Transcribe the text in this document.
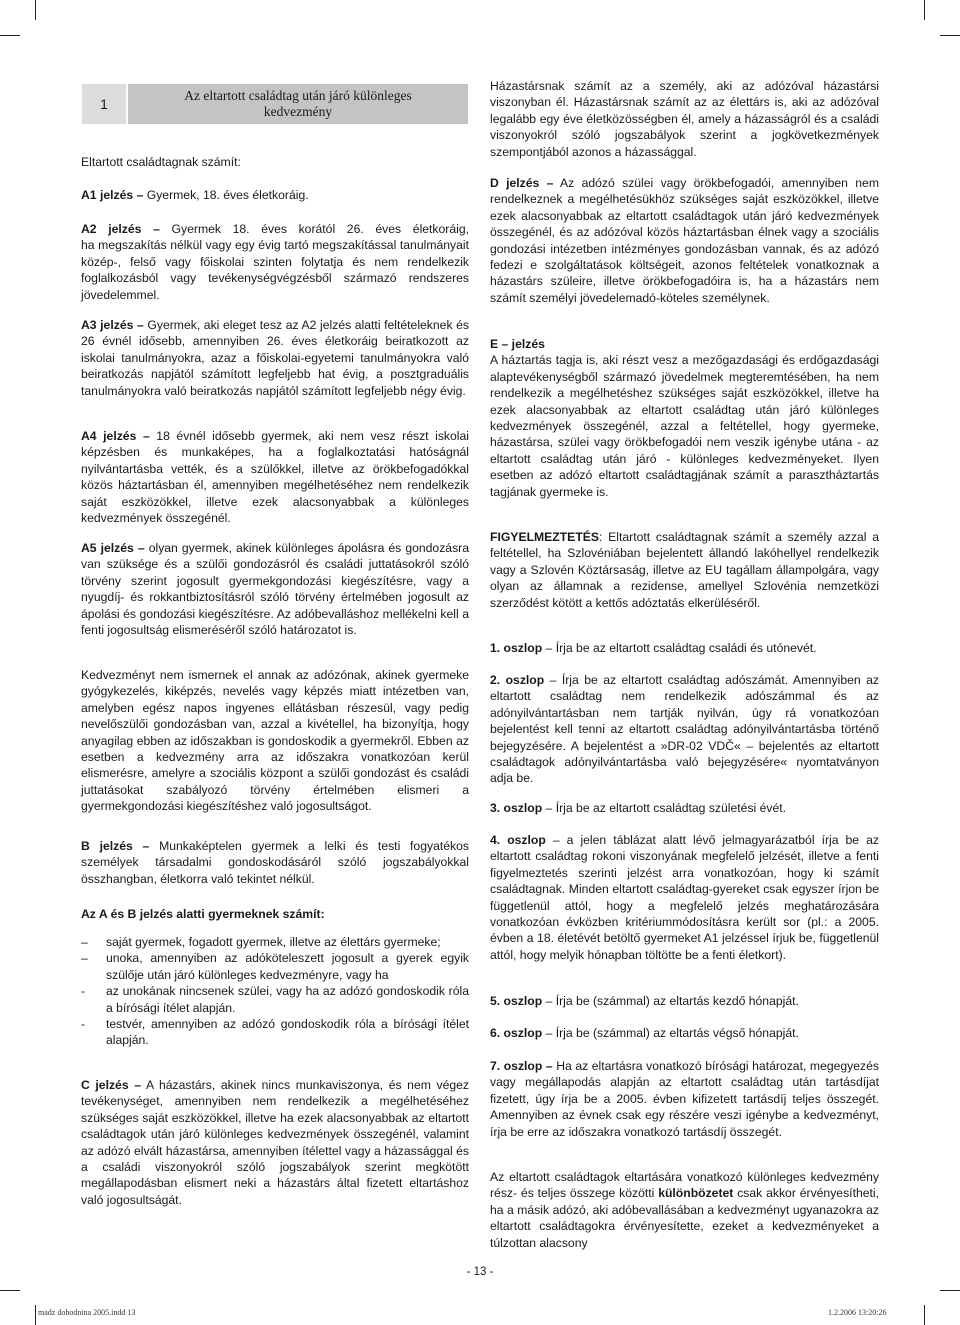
1
Az eltartott családtag után járó különleges
kedvezmény
Eltartott családtagnak számít:
A1 jelzés – Gyermek, 18. éves életkoráig.
A2 jelzés – Gyermek 18. éves korától 26. éves életkoráig,
ha megszakítás nélkül vagy egy évig tartó megszakítással tanulmányait közép-, felső vagy főiskolai szinten folytatja és nem rendelkezik foglalkozásból vagy tevékenységvégzésből származó rendszeres jövedelemmel.
A3 jelzés – Gyermek, aki eleget tesz az A2 jelzés alatti feltételeknek és 26 évnél idősebb, amennyiben 26. éves életkoráig beiratkozott az iskolai tanulmányokra, azaz a főiskolai-egyetemi tanulmányokra való beiratkozás napjától számított legfeljebb hat évig, a posztgraduális tanulmányokra való beiratkozás napjától számított legfeljebb négy évig.
A4 jelzés – 18 évnél idősebb gyermek, aki nem vesz részt iskolai képzésben és munkaképes, ha a foglalkoztatási hatóságnál nyilvántartásba vették, és a szülőkkel, illetve az örökbefogadókkal közös háztartásban él, amennyiben megélhetéséhez nem rendelkezik saját eszközökkel, illetve ezek alacsonyabbak a különleges kedvezmények összegénél.
A5 jelzés – olyan gyermek, akinek különleges ápolásra és gondozásra van szüksége és a szülői gondozásról és családi juttatásokról szóló törvény szerint jogosult gyermekgondozási kiegészítésre, vagy a nyugdíj- és rokkantbiztosításról szóló törvény értelmében jogosult az ápolási és gondozási kiegészítésre. Az adóbevalláshoz mellékelni kell a fenti jogosultság elismeréséről szóló határozatot is.
Kedvezményt nem ismernek el annak az adózónak, akinek gyermeke gyógykezelés, kiképzés, nevelés vagy képzés miatt intézetben van, amelyben egész napos ingyenes ellátásban részesül, vagy pedig nevelőszülői gondozásban van, azzal a kivétellel, ha bizonyítja, hogy anyagilag ebben az időszakban is gondoskodik a gyermekről. Ebben az esetben a kedvezmény arra az időszakra vonatkozóan kerül elismerésre, amelyre a szociális központ a szülői gondozást és családi juttatásokat szabályozó törvény értelmében elismeri a gyermekgondozási kiegészítéshez való jogosultságot.
B jelzés – Munkaképtelen gyermek a lelki és testi fogyatékos személyek társadalmi gondoskodásáról szóló jogszabályokkal összhangban, életkorra való tekintet nélkül.
Az A és B jelzés alatti gyermeknek számít:
– saját gyermek, fogadott gyermek, illetve az élettárs gyermeke;
– unoka, amennyiben az adóköteleszett jogosult a gyerek egyik szülője után járó különleges kedvezményre, vagy ha
- az unokának nincsenek szülei, vagy ha az adózó gondoskodik róla a bírósági ítélet alapján.
- testvér, amennyiben az adózó gondoskodik róla a bírósági ítélet alapján.
C jelzés – A házastárs, akinek nincs munkaviszonya, és nem végez tevékenységet, amennyiben nem rendelkezik a megélhetéséhez szükséges saját eszközökkel, illetve ha ezek alacsonyabbak az eltartott családtagok után járó különleges kedvezmények összegénél, valamint az adózó elvált házastársa, amennyiben ítélettel vagy a házassággal és a családi viszonyokról szóló jogszabályok szerint megkötött megállapodásban elismert neki a házastárs által fizetett eltartáshoz való jogosultságát.
Házastársnak számít az a személy, aki az adózóval házastársi viszonyban él. Házastársnak számít az az élettárs is, aki az adózóval legalább egy éve életközösségben él, amely a házasságról és a családi viszonyokról szóló jogszabályok szerint a jogkövetkezmények szempontjából azonos a házassággal.
D jelzés – Az adózó szülei vagy örökbefogadói, amennyiben nem rendelkeznek a megélhetésükhöz szükséges saját eszközökkel, illetve ezek alacsonyabbak az eltartott családtagok után járó kedvezmények összegénél, és az adózóval közös háztartásban élnek vagy a szociális gondozási intézetben intézményes gondozásban vannak, és az adózó fedezi e szolgáltatások költségeit, azonos feltételek vonatkoznak a házastárs szüleire, illetve örökbefogadóira is, ha a házastárs nem számít személyi jövedelemadó-köteles személynek.
E – jelzés
A háztartás tagja is, aki részt vesz a mezőgazdasági és erdőgazdasági alaptevékenységből származó jövedelmek megteremtésében, ha nem rendelkezik a megélhetéshez szükséges saját eszközökkel, illetve ha ezek alacsonyabbak az eltartott családtag után járó különleges kedvezmények összegénél, azzal a feltétellel, hogy gyermeke, házastársa, szülei vagy örökbefogadói nem veszik igénybe utána - az eltartott családtag után járó - különleges kedvezményeket. Ilyen esetben az adózó eltartott családtagjának számít a parasztháztartás tagjának gyermeke is.
FIGYELMEZTETÉS: Eltartott családtagnak számít a személy azzal a feltétellel, ha Szlovéniában bejelentett állandó lakóhellyel rendelkezik vagy a Szlovén Köztársaság, illetve az EU tagállam állampolgára, vagy olyan az államnak a rezidense, amellyel Szlovénia nemzetközi szerződést kötött a kettős adóztatás elkerüléséről.
1. oszlop – Írja be az eltartott családtag családi és utónevét.
2. oszlop – Írja be az eltartott családtag adószámát. Amennyiben az eltartott családtag nem rendelkezik adószámmal és az adónyilvántartásban nem tartják nyilván, úgy rá vonatkozóan bejelentést kell tenni az eltartott családtag adónyilvántartásba történő bejegyzésére. A bejelentést a »DR-02 VDČ« – bejelentés az eltartott családtagok adónyilvántartásba való bejegyzésére« nyomtatványon adja be.
3. oszlop – Írja be az eltartott családtag születési évét.
4. oszlop – a jelen táblázat alatt lévő jelmagyarázatból írja be az eltartott családtag rokoni viszonyának megfelelő jelzését, illetve a fenti figyelmeztetés szerinti jelzést arra vonatkozóan, hogy ki számít családtagnak. Minden eltartott családtag-gyereket csak egyszer írjon be függetlenül attól, hogy a megfelelő jelzés meghatározására vonatkozóan évközben kritériummódosításra került sor (pl.: a 2005. évben a 18. életévét betöltő gyermeket A1 jelzéssel írjuk be, függetlenül attól, hogy melyik hónapban töltötte be a fenti életkort).
5. oszlop – Írja be (számmal) az eltartás kezdő hónapját.
6. oszlop – Írja be (számmal) az eltartás végső hónapját.
7. oszlop – Ha az eltartásra vonatkozó bírósági határozat, megegyezés vagy megállapodás alapján az eltartott családtag után tartásdíjat fizetett, úgy írja be a 2005. évben kifizetett tartásdíj teljes összegét. Amennyiben az évnek csak egy részére veszi igénybe a kedvezményt, írja be erre az időszakra vonatkozó tartásdíj összegét.
Az eltartott családtagok eltartására vonatkozó különleges kedvezmény rész- és teljes összege közötti különbözetet csak akkor érvényesítheti, ha a másik adózó, aki adóbevallásában a kedvezményt ugyanazokra az eltartott családtagokra érvényesítette, ezeket a kedvezményeket a túlzottan alacsony
- 13 -
madz dohodnina 2005.indd 13	1.2.2006 13:20:26
